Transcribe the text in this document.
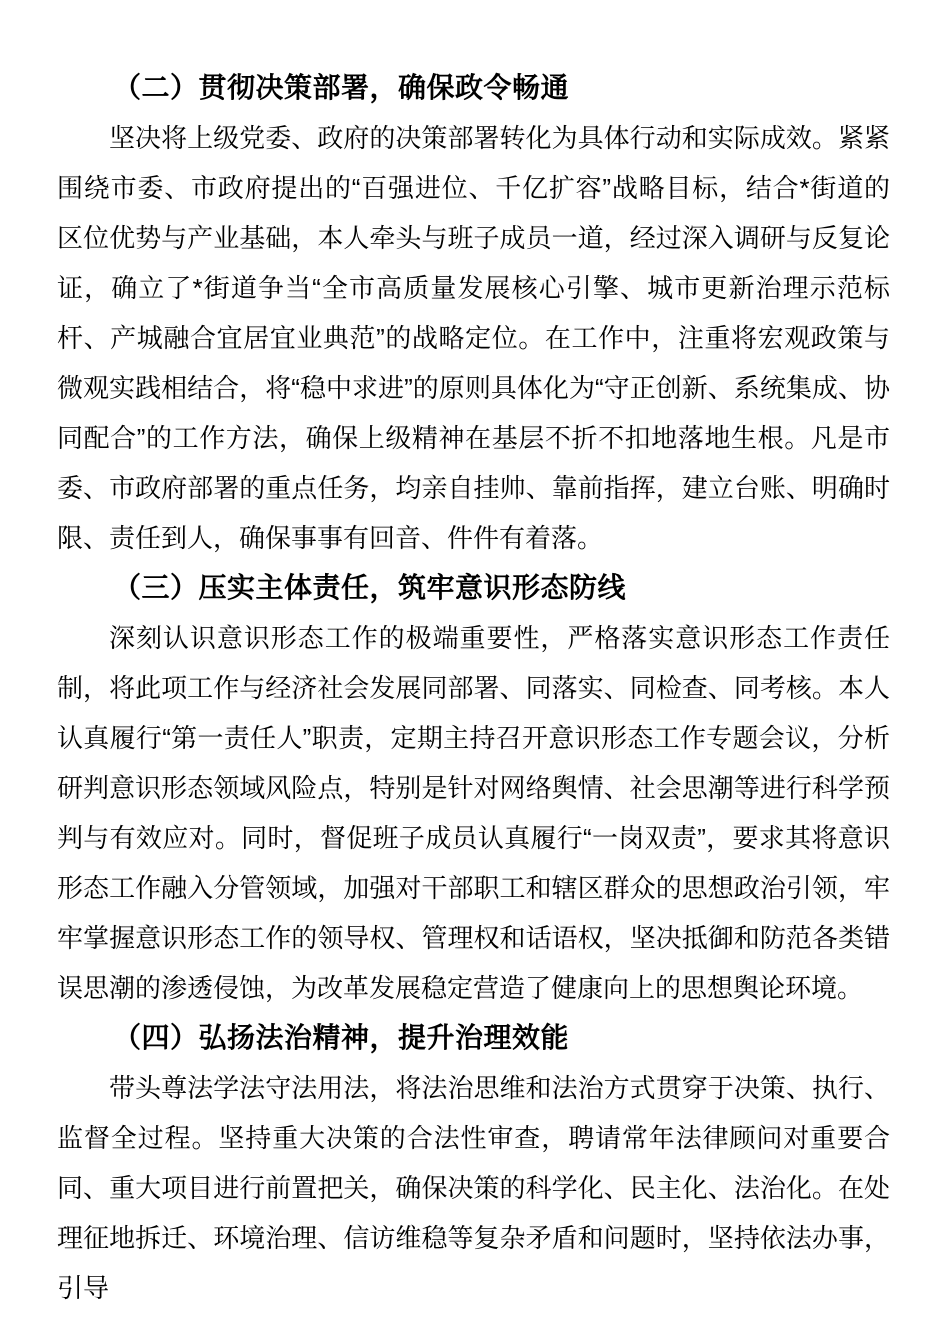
（二）贯彻决策部署，确保政令畅通

坚决将上级党委、政府的决策部署转化为具体行动和实际成效。紧紧围绕市委、市政府提出的“百强进位、千亿扩容”战略目标，结合*街道的区位优势与产业基础，本人牵头与班子成员一道，经过深入调研与反复论证，确立了*街道争当“全市高质量发展核心引擎、城市更新治理示范标杆、产城融合宜居宜业典范”的战略定位。在工作中，注重将宏观政策与微观实践相结合，将“稳中求进”的原则具体化为“守正创新、系统集成、协同配合”的工作方法，确保上级精神在基层不折不扣地落地生根。凡是市委、市政府部署的重点任务，均亲自挂帅、靠前指挥，建立台账、明确时限、责任到人，确保事事有回音、件件有着落。

（三）压实主体责任，筑牢意识形态防线

深刻认识意识形态工作的极端重要性，严格落实意识形态工作责任制，将此项工作与经济社会发展同部署、同落实、同检查、同考核。本人认真履行“第一责任人”职责，定期主持召开意识形态工作专题会议，分析研判意识形态领域风险点，特别是针对网络舆情、社会思潮等进行科学预判与有效应对。同时，督促班子成员认真履行“一岗双责”，要求其将意识形态工作融入分管领域，加强对干部职工和辖区群众的思想政治引领，牢牢掌握意识形态工作的领导权、管理权和话语权，坚决抵御和防范各类错误思潮的渗透侵蚀，为改革发展稳定营造了健康向上的思想舆论环境。

（四）弘扬法治精神，提升治理效能

带头尊法学法守法用法，将法治思维和法治方式贯穿于决策、执行、监督全过程。坚持重大决策的合法性审查，聘请常年法律顾问对重要合同、重大项目进行前置把关，确保决策的科学化、民主化、法治化。在处理征地拆迁、环境治理、信访维稳等复杂矛盾和问题时，坚持依法办事，引导
